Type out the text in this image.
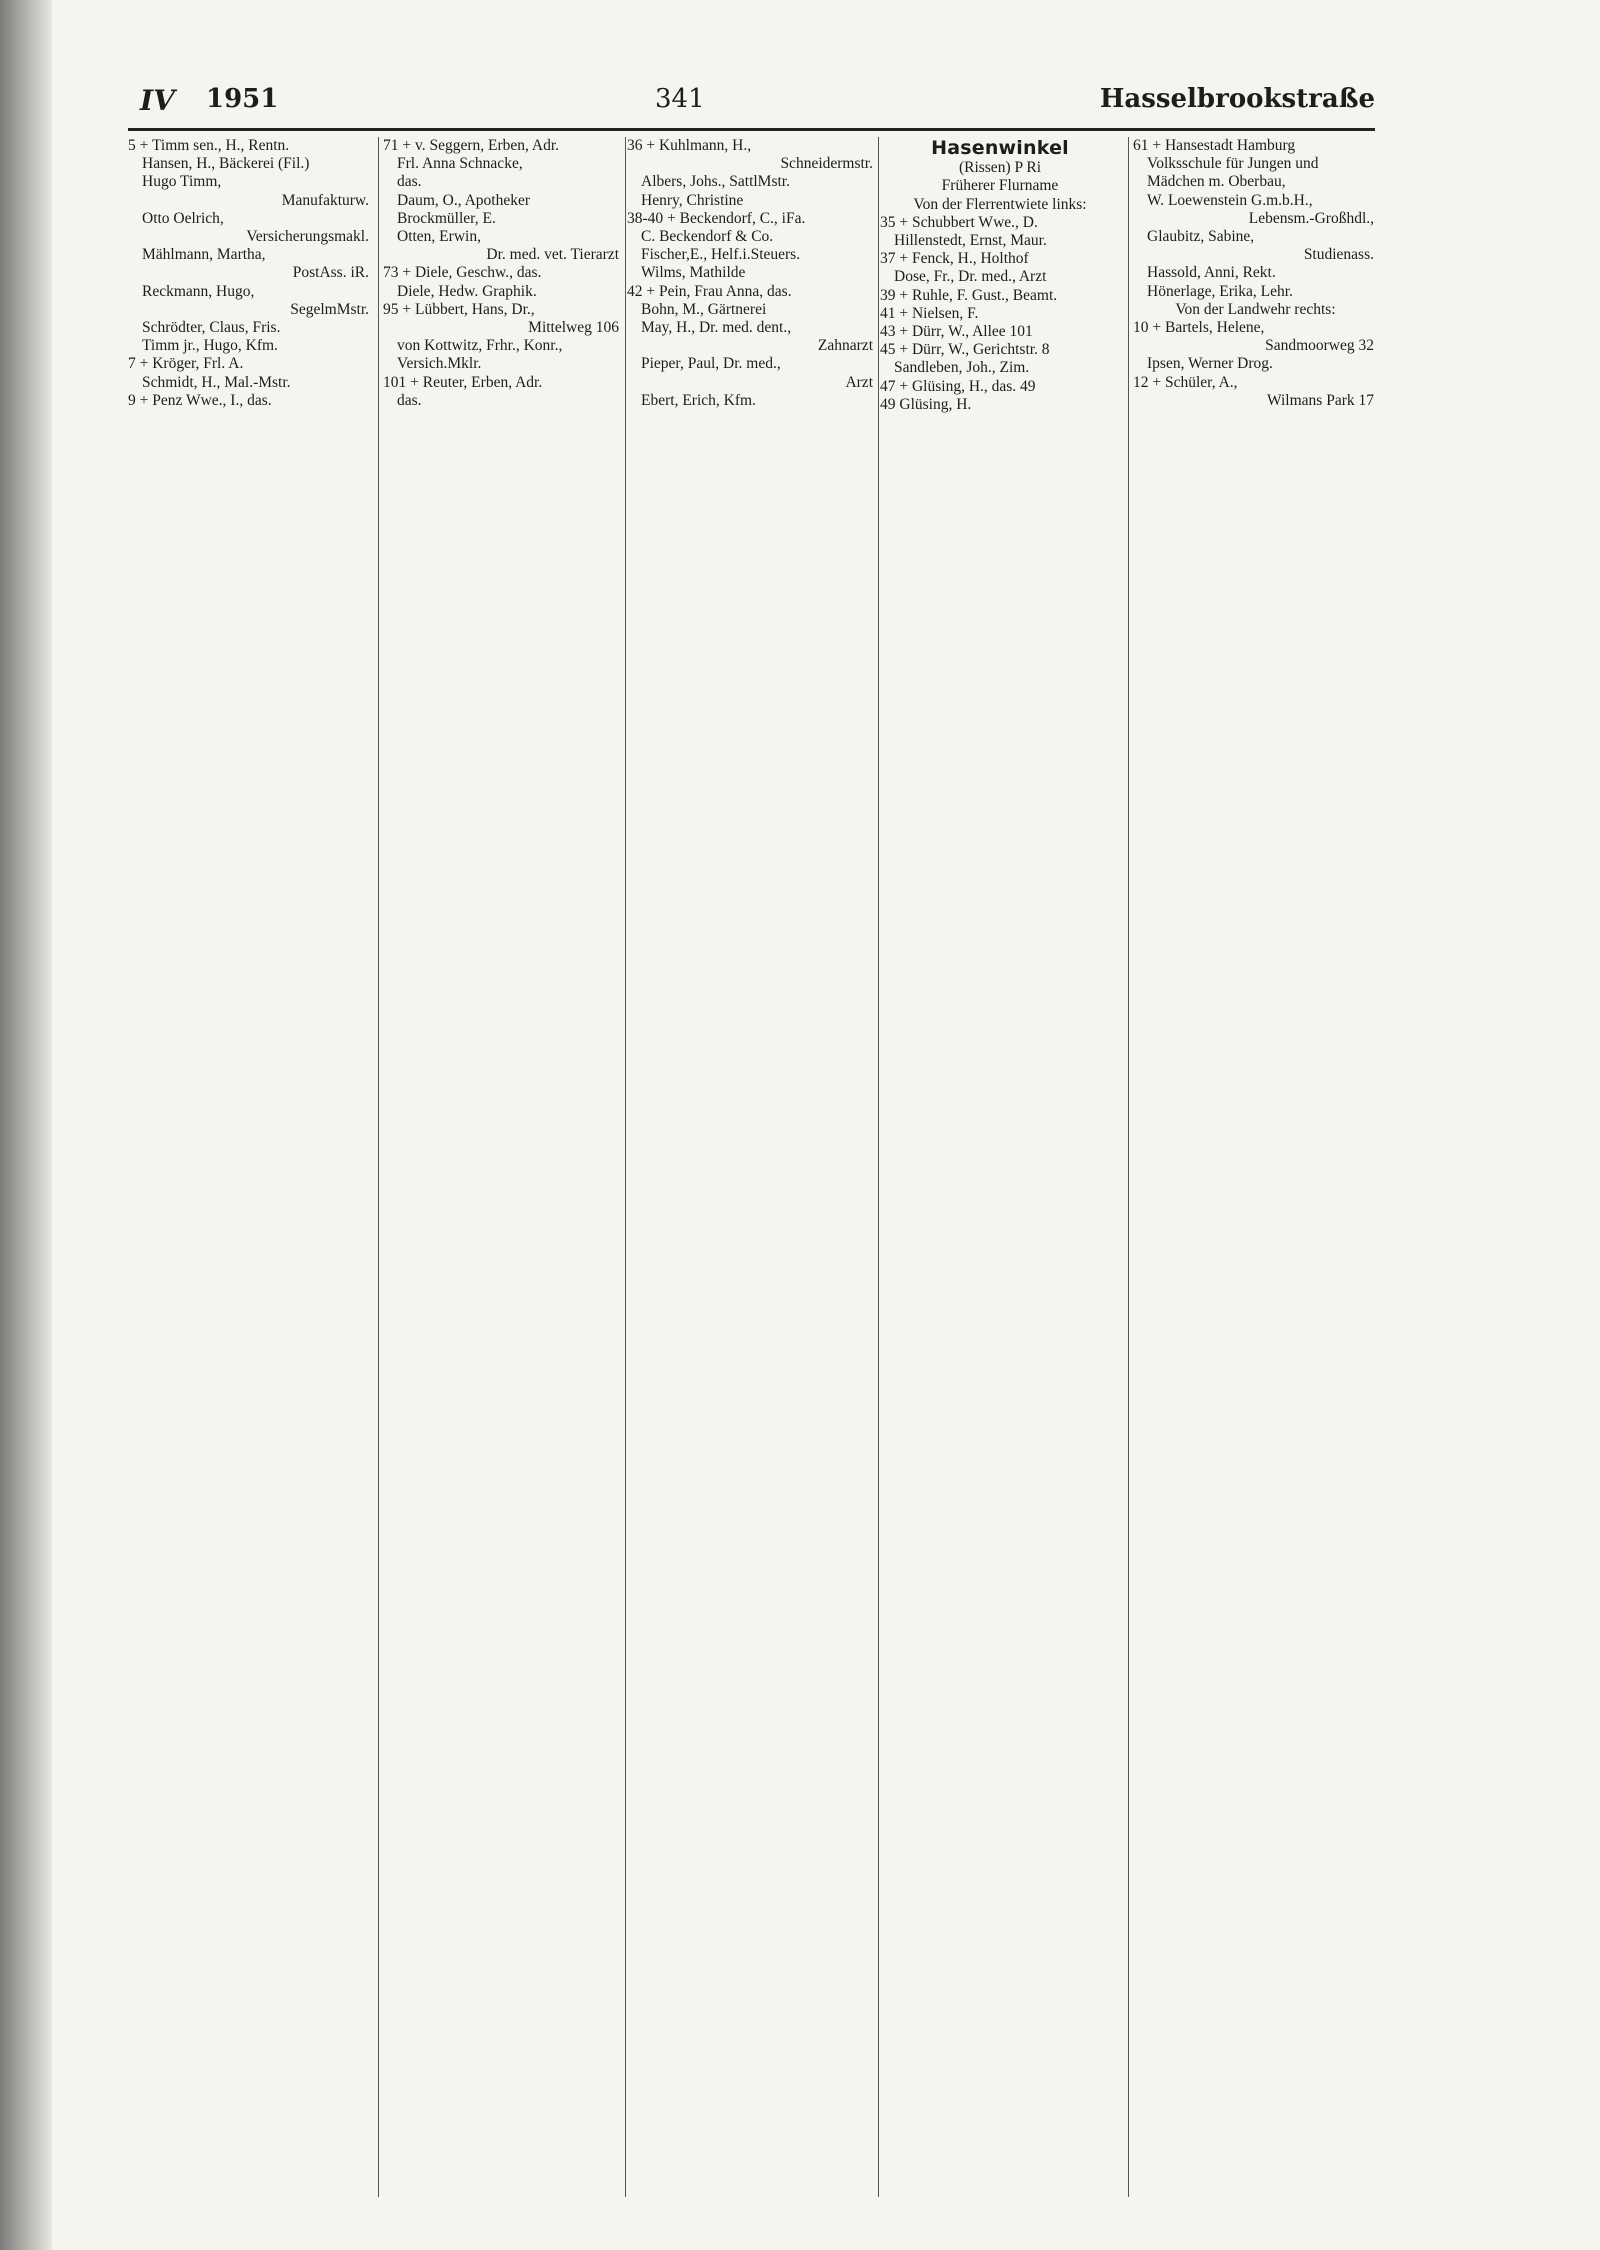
IV 1951	341	Hasselbrookstraße

5 + Timm sen., H., Rentn.

Hansen, H., Bäckerei (Fil.)

Hugo Timm,

Manufakturw.

Otto Oelrich,

Versicherungsmakl.

Mählmann, Martha,

PostAss. iR.

Reckmann, Hugo,

SegelmMstr.

Schrödter, Claus, Fris.

Timm jr., Hugo, Kfm.

7 + Kröger, Frl. A.

Schmidt, H., Mal.-Mstr.

9 + Penz Wwe., I., das.

71 + v. Seggern, Erben, Adr.

Frl. Anna Schnacke,

das.

Daum, O., Apotheker

Brockmüller, E.

Otten, Erwin,

Dr. med. vet. Tierarzt

73 + Diele, Geschw., das.

Diele, Hedw. Graphik.

95 + Lübbert, Hans, Dr.,

Mittelweg 106

von Kottwitz, Frhr., Konr.,

Versich.Mklr.

101 + Reuter, Erben, Adr.

das.

36 + Kuhlmann, H.,

Schneidermstr.

Albers, Johs., SattlMstr.

Henry, Christine

38-40 + Beckendorf, C., iFa.

C. Beckendorf & Co.

Fischer,E., Helf.i.Steuers.

Wilms, Mathilde

42 + Pein, Frau Anna, das.

Bohn, M., Gärtnerei

May, H., Dr. med. dent.,

Zahnarzt

Pieper, Paul, Dr. med.,

Arzt

Ebert, Erich, Kfm.

Hasenwinkel
(Rissen) P Ri
Früherer Flurname
Von der Flerrentwiete links:

35 + Schubbert Wwe., D.

Hillenstedt, Ernst, Maur.

37 + Fenck, H., Holthof

Dose, Fr., Dr. med., Arzt

39 + Ruhle, F. Gust., Beamt.

41 + Nielsen, F.

43 + Dürr, W., Allee 101

45 + Dürr, W., Gerichtstr. 8

Sandleben, Joh., Zim.

47 + Glüsing, H., das. 49

49 Glüsing, H.

61 + Hansestadt Hamburg

Volksschule für Jungen und

Mädchen m. Oberbau,

W. Loewenstein G.m.b.H.,

Lebensm.-Großhdl.,

Glaubitz, Sabine,

Studienass.

Hassold, Anni, Rekt.

Hönerlage, Erika, Lehr.

Von der Landwehr rechts:

10 + Bartels, Helene,

Sandmoorweg 32

Ipsen, Werner Drog.

12 + Schüler, A.,

Wilmans Park 17
